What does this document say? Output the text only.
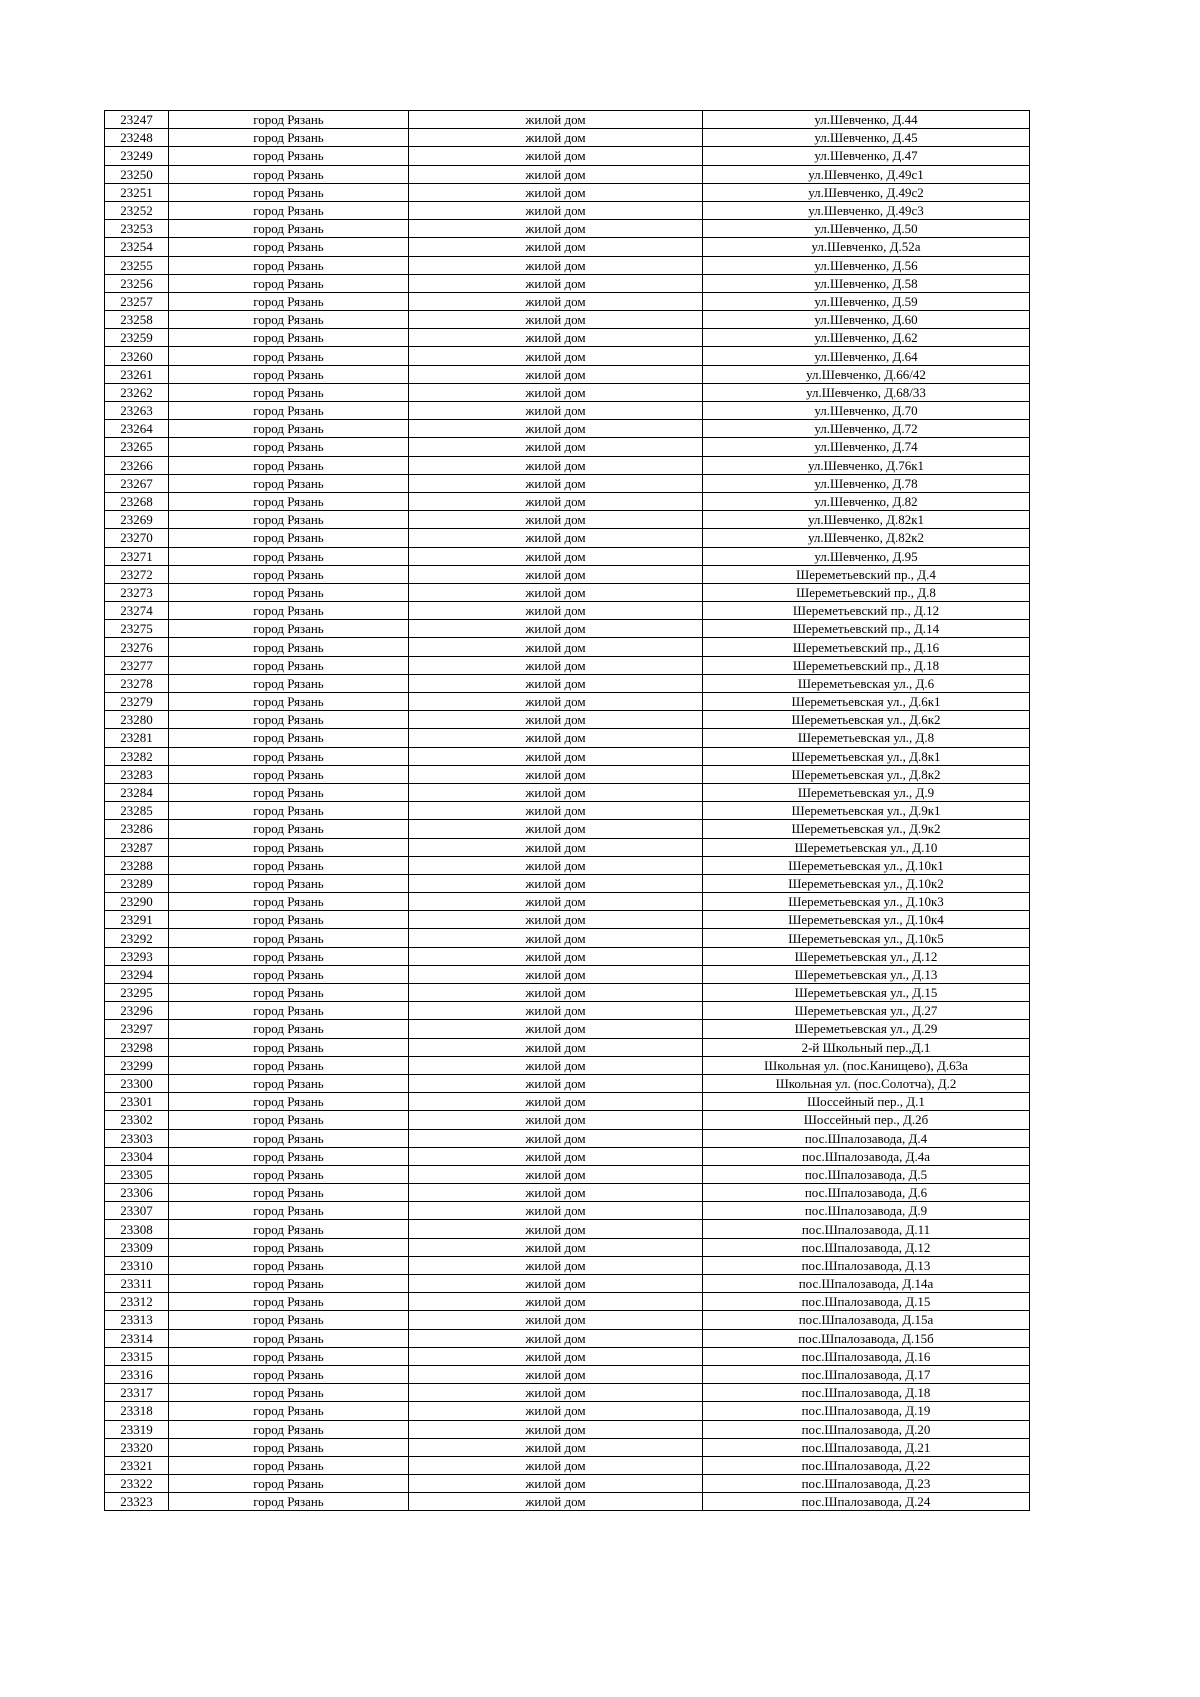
23247	город Рязань	жилой дом	ул.Шевченко, Д.44
23248	город Рязань	жилой дом	ул.Шевченко, Д.45
23249	город Рязань	жилой дом	ул.Шевченко, Д.47
23250	город Рязань	жилой дом	ул.Шевченко, Д.49с1
23251	город Рязань	жилой дом	ул.Шевченко, Д.49с2
23252	город Рязань	жилой дом	ул.Шевченко, Д.49с3
23253	город Рязань	жилой дом	ул.Шевченко, Д.50
23254	город Рязань	жилой дом	ул.Шевченко, Д.52а
23255	город Рязань	жилой дом	ул.Шевченко, Д.56
23256	город Рязань	жилой дом	ул.Шевченко, Д.58
23257	город Рязань	жилой дом	ул.Шевченко, Д.59
23258	город Рязань	жилой дом	ул.Шевченко, Д.60
23259	город Рязань	жилой дом	ул.Шевченко, Д.62
23260	город Рязань	жилой дом	ул.Шевченко, Д.64
23261	город Рязань	жилой дом	ул.Шевченко, Д.66/42
23262	город Рязань	жилой дом	ул.Шевченко, Д.68/33
23263	город Рязань	жилой дом	ул.Шевченко, Д.70
23264	город Рязань	жилой дом	ул.Шевченко, Д.72
23265	город Рязань	жилой дом	ул.Шевченко, Д.74
23266	город Рязань	жилой дом	ул.Шевченко, Д.76к1
23267	город Рязань	жилой дом	ул.Шевченко, Д.78
23268	город Рязань	жилой дом	ул.Шевченко, Д.82
23269	город Рязань	жилой дом	ул.Шевченко, Д.82к1
23270	город Рязань	жилой дом	ул.Шевченко, Д.82к2
23271	город Рязань	жилой дом	ул.Шевченко, Д.95
23272	город Рязань	жилой дом	Шереметьевский пр., Д.4
23273	город Рязань	жилой дом	Шереметьевский пр., Д.8
23274	город Рязань	жилой дом	Шереметьевский пр., Д.12
23275	город Рязань	жилой дом	Шереметьевский пр., Д.14
23276	город Рязань	жилой дом	Шереметьевский пр., Д.16
23277	город Рязань	жилой дом	Шереметьевский пр., Д.18
23278	город Рязань	жилой дом	Шереметьевская ул., Д.6
23279	город Рязань	жилой дом	Шереметьевская ул., Д.6к1
23280	город Рязань	жилой дом	Шереметьевская ул., Д.6к2
23281	город Рязань	жилой дом	Шереметьевская ул., Д.8
23282	город Рязань	жилой дом	Шереметьевская ул., Д.8к1
23283	город Рязань	жилой дом	Шереметьевская ул., Д.8к2
23284	город Рязань	жилой дом	Шереметьевская ул., Д.9
23285	город Рязань	жилой дом	Шереметьевская ул., Д.9к1
23286	город Рязань	жилой дом	Шереметьевская ул., Д.9к2
23287	город Рязань	жилой дом	Шереметьевская ул., Д.10
23288	город Рязань	жилой дом	Шереметьевская ул., Д.10к1
23289	город Рязань	жилой дом	Шереметьевская ул., Д.10к2
23290	город Рязань	жилой дом	Шереметьевская ул., Д.10к3
23291	город Рязань	жилой дом	Шереметьевская ул., Д.10к4
23292	город Рязань	жилой дом	Шереметьевская ул., Д.10к5
23293	город Рязань	жилой дом	Шереметьевская ул., Д.12
23294	город Рязань	жилой дом	Шереметьевская ул., Д.13
23295	город Рязань	жилой дом	Шереметьевская ул., Д.15
23296	город Рязань	жилой дом	Шереметьевская ул., Д.27
23297	город Рязань	жилой дом	Шереметьевская ул., Д.29
23298	город Рязань	жилой дом	2-й Школьный пер.,Д.1
23299	город Рязань	жилой дом	Школьная ул. (пос.Канищево), Д.63а
23300	город Рязань	жилой дом	Школьная ул. (пос.Солотча), Д.2
23301	город Рязань	жилой дом	Шоссейный пер., Д.1
23302	город Рязань	жилой дом	Шоссейный пер., Д.2б
23303	город Рязань	жилой дом	пос.Шпалозавода, Д.4
23304	город Рязань	жилой дом	пос.Шпалозавода, Д.4а
23305	город Рязань	жилой дом	пос.Шпалозавода, Д.5
23306	город Рязань	жилой дом	пос.Шпалозавода, Д.6
23307	город Рязань	жилой дом	пос.Шпалозавода, Д.9
23308	город Рязань	жилой дом	пос.Шпалозавода, Д.11
23309	город Рязань	жилой дом	пос.Шпалозавода, Д.12
23310	город Рязань	жилой дом	пос.Шпалозавода, Д.13
23311	город Рязань	жилой дом	пос.Шпалозавода, Д.14а
23312	город Рязань	жилой дом	пос.Шпалозавода, Д.15
23313	город Рязань	жилой дом	пос.Шпалозавода, Д.15а
23314	город Рязань	жилой дом	пос.Шпалозавода, Д.15б
23315	город Рязань	жилой дом	пос.Шпалозавода, Д.16
23316	город Рязань	жилой дом	пос.Шпалозавода, Д.17
23317	город Рязань	жилой дом	пос.Шпалозавода, Д.18
23318	город Рязань	жилой дом	пос.Шпалозавода, Д.19
23319	город Рязань	жилой дом	пос.Шпалозавода, Д.20
23320	город Рязань	жилой дом	пос.Шпалозавода, Д.21
23321	город Рязань	жилой дом	пос.Шпалозавода, Д.22
23322	город Рязань	жилой дом	пос.Шпалозавода, Д.23
23323	город Рязань	жилой дом	пос.Шпалозавода, Д.24
